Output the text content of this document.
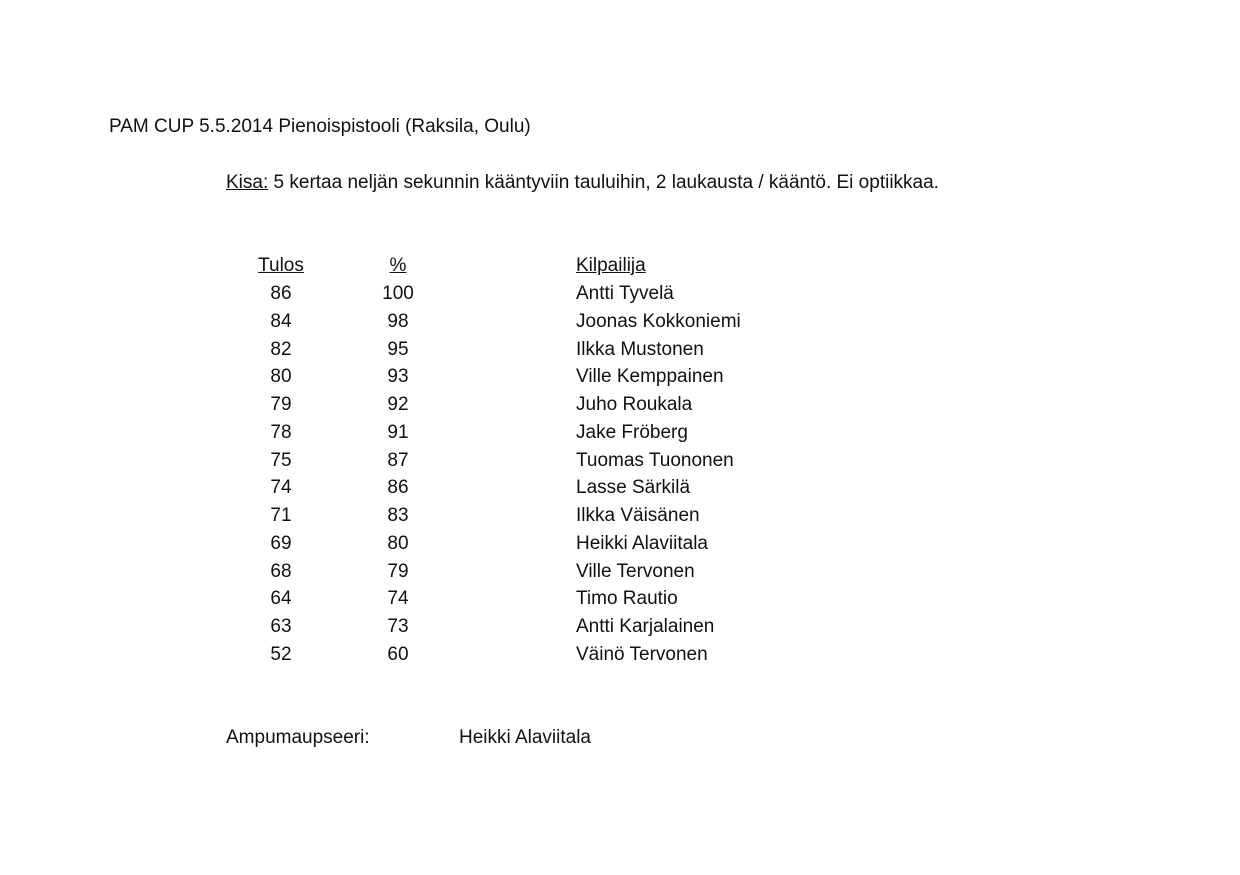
PAM CUP 5.5.2014 Pienoispistooli (Raksila, Oulu)
Kisa: 5 kertaa neljän sekunnin kääntyviin tauluihin, 2 laukausta / kääntö. Ei optiikkaa.
Tulos	%	Kilpailija
86	100	Antti Tyvelä
84	98	Joonas Kokkoniemi
82	95	Ilkka Mustonen
80	93	Ville Kemppainen
79	92	Juho Roukala
78	91	Jake Fröberg
75	87	Tuomas Tuononen
74	86	Lasse Särkilä
71	83	Ilkka Väisänen
69	80	Heikki Alaviitala
68	79	Ville Tervonen
64	74	Timo Rautio
63	73	Antti Karjalainen
52	60	Väinö Tervonen
Ampumaupseeri:	Heikki Alaviitala
